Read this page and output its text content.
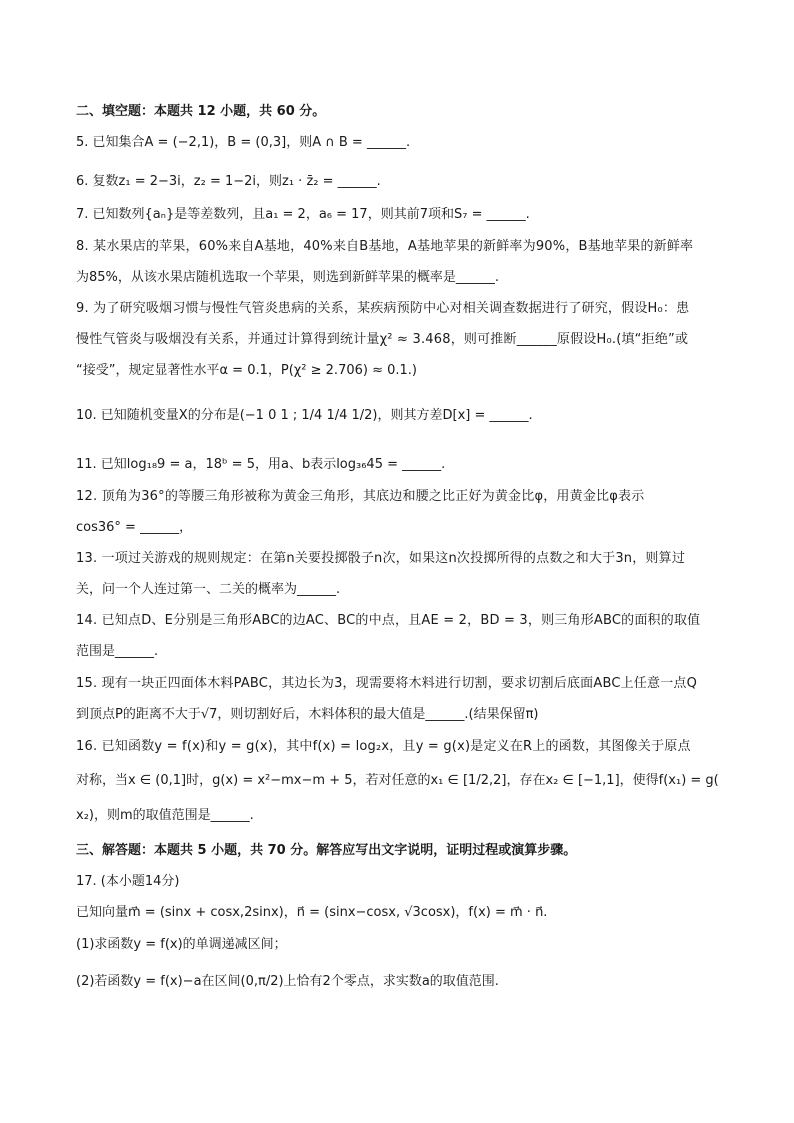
二、填空题：本题共 12 小题，共 60 分。
5. 已知集合A = (−2,1)，B = (0,3]，则A ∩ B = ______.
6. 复数z₁ = 2−3i，z₂ = 1−2i，则z₁ · z̄₂ = ______.
7. 已知数列{aₙ}是等差数列，且a₁ = 2，a₆ = 17，则其前7项和S₇ = ______.
8. 某水果店的苹果，60%来自A基地，40%来自B基地，A基地苹果的新鲜率为90%，B基地苹果的新鲜率
为85%，从该水果店随机选取一个苹果，则选到新鲜苹果的概率是______.
9. 为了研究吸烟习惯与慢性气管炎患病的关系，某疾病预防中心对相关调查数据进行了研究，假设H₀：患
慢性气管炎与吸烟没有关系，并通过计算得到统计量χ² ≈ 3.468，则可推断______原假设H₀.(填“拒绝”或
“接受”，规定显著性水平α = 0.1，P(χ² ≥ 2.706) ≈ 0.1.)
10. 已知随机变量X的分布是(−1 0 1 ; 1/4 1/4 1/2)，则其方差D[x] = ______.
11. 已知log₁₈9 = a，18ᵇ = 5，用a、b表示log₃₆45 = ______.
12. 顶角为36°的等腰三角形被称为黄金三角形，其底边和腰之比正好为黄金比φ，用黄金比φ表示
cos36° = ______，
13. 一项过关游戏的规则规定：在第n关要投掷骰子n次，如果这n次投掷所得的点数之和大于3n，则算过
关，问一个人连过第一、二关的概率为______.
14. 已知点D、E分别是三角形ABC的边AC、BC的中点，且AE = 2，BD = 3，则三角形ABC的面积的取值
范围是______.
15. 现有一块正四面体木料PABC，其边长为3，现需要将木料进行切割，要求切割后底面ABC上任意一点Q
到顶点P的距离不大于√7，则切割好后，木料体积的最大值是______.(结果保留π)
16. 已知函数y = f(x)和y = g(x)，其中f(x) = log₂x，且y = g(x)是定义在R上的函数，其图像关于原点
对称，当x ∈ (0,1]时，g(x) = x²−mx−m + 5，若对任意的x₁ ∈ [1/2,2]，存在x₂ ∈ [−1,1]，使得f(x₁) = g(
x₂)，则m的取值范围是______.
三、解答题：本题共 5 小题，共 70 分。解答应写出文字说明，证明过程或演算步骤。
17. (本小题14分)
已知向量m⃗ = (sinx + cosx,2sinx)，n⃗ = (sinx−cosx, √3cosx)，f(x) = m⃗ · n⃗.
(1)求函数y = f(x)的单调递减区间；
(2)若函数y = f(x)−a在区间(0,π/2)上恰有2个零点，求实数a的取值范围.
